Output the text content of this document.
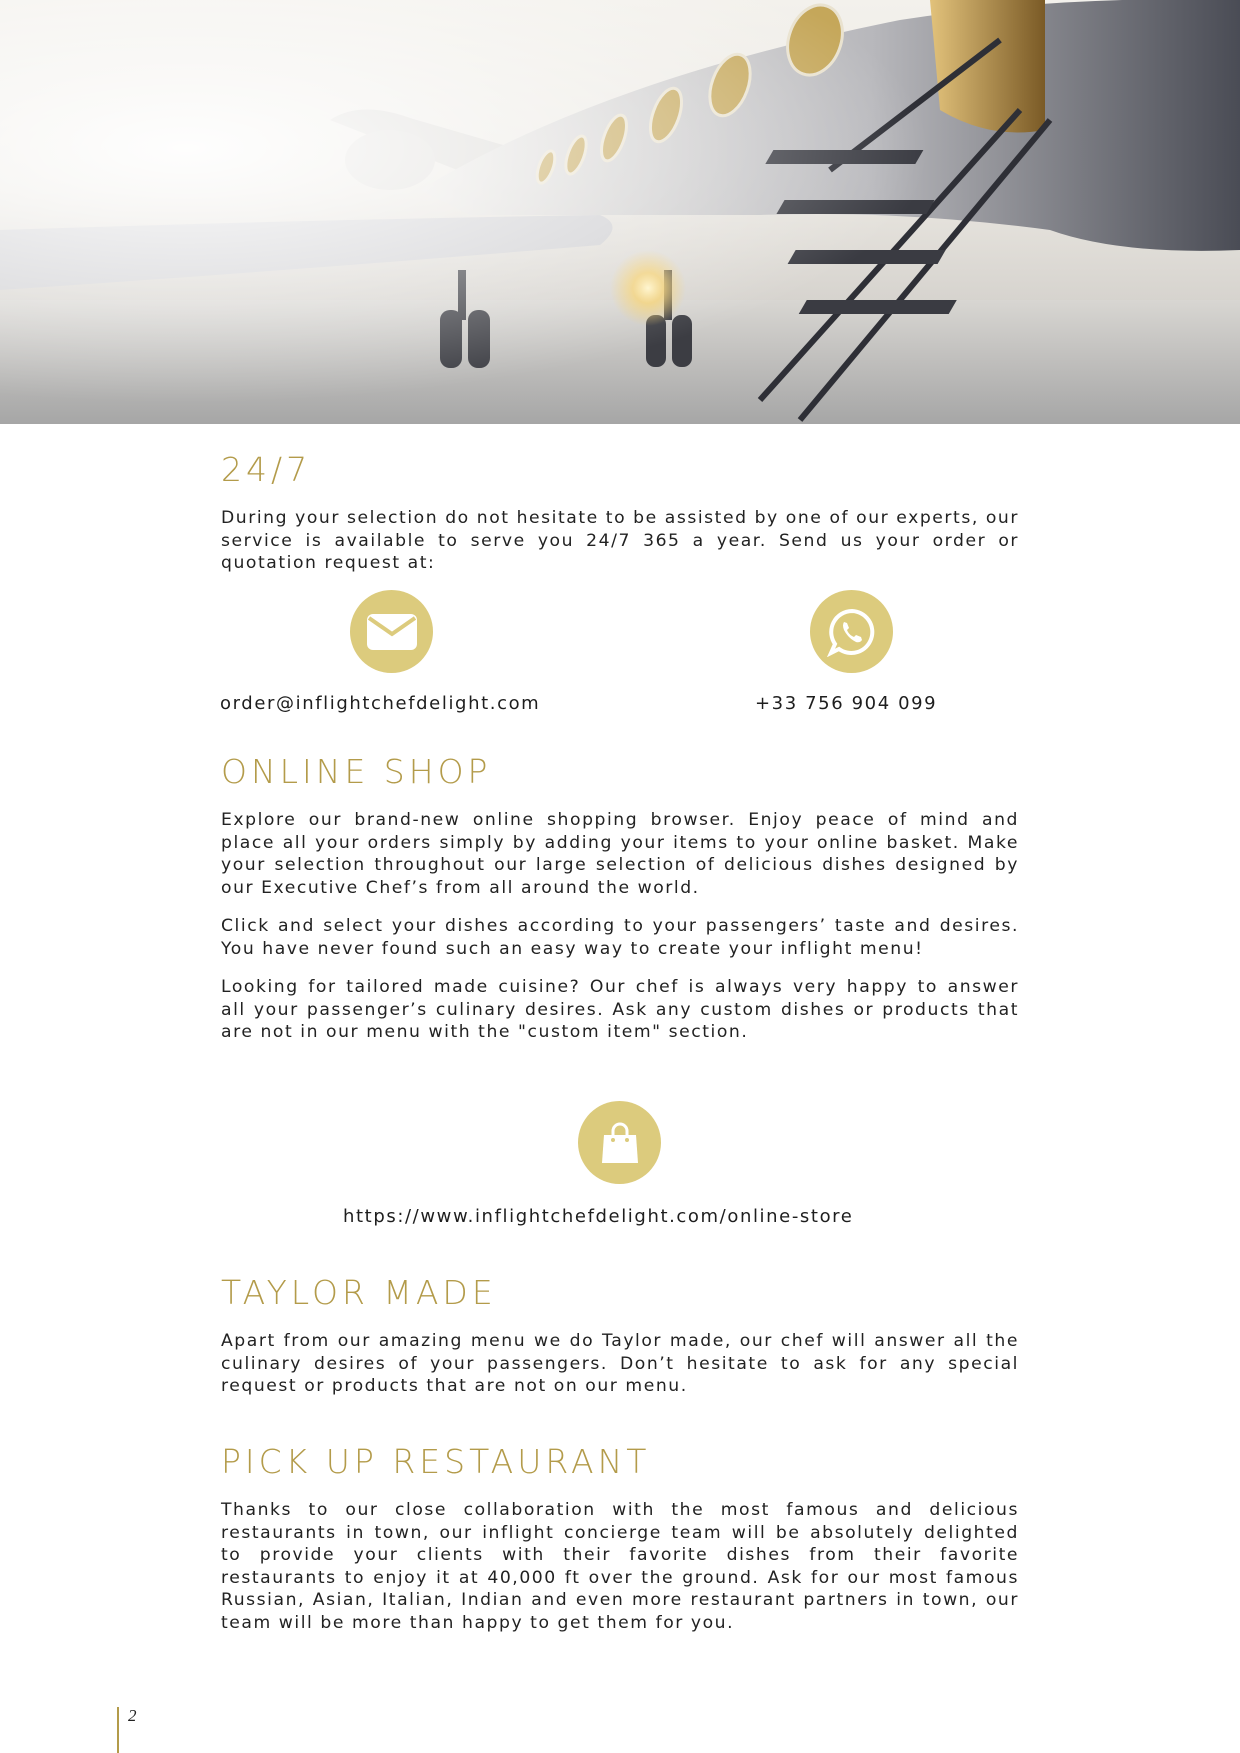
24/7
During your selection do not hesitate to be assisted by one of our experts, our service is available to serve you 24/7 365 a year. Send us your order or quotation request at:
order@inflightchefdelight.com	+33 756 904 099
ONLINE SHOP
Explore our brand-new online shopping browser. Enjoy peace of mind and place all your orders simply by adding your items to your online basket. Make your selection throughout our large selection of delicious dishes designed by our Executive Chef’s from all around the world.
Click and select your dishes according to your passengers’ taste and desires. You have never found such an easy way to create your inflight menu!
Looking for tailored made cuisine? Our chef is always very happy to answer all your passenger’s culinary desires. Ask any custom dishes or products that are not in our menu with the "custom item" section.
https://www.inflightchefdelight.com/online-store
TAYLOR MADE
Apart from our amazing menu we do Taylor made, our chef will answer all the culinary desires of your passengers. Don’t hesitate to ask for any special request or products that are not on our menu.
PICK UP RESTAURANT
Thanks to our close collaboration with the most famous and delicious restaurants in town, our inflight concierge team will be absolutely delighted to provide your clients with their favorite dishes from their favorite restaurants to enjoy it at 40,000 ft over the ground. Ask for our most famous Russian, Asian, Italian, Indian and even more restaurant partners in town, our team will be more than happy to get them for you.
2
